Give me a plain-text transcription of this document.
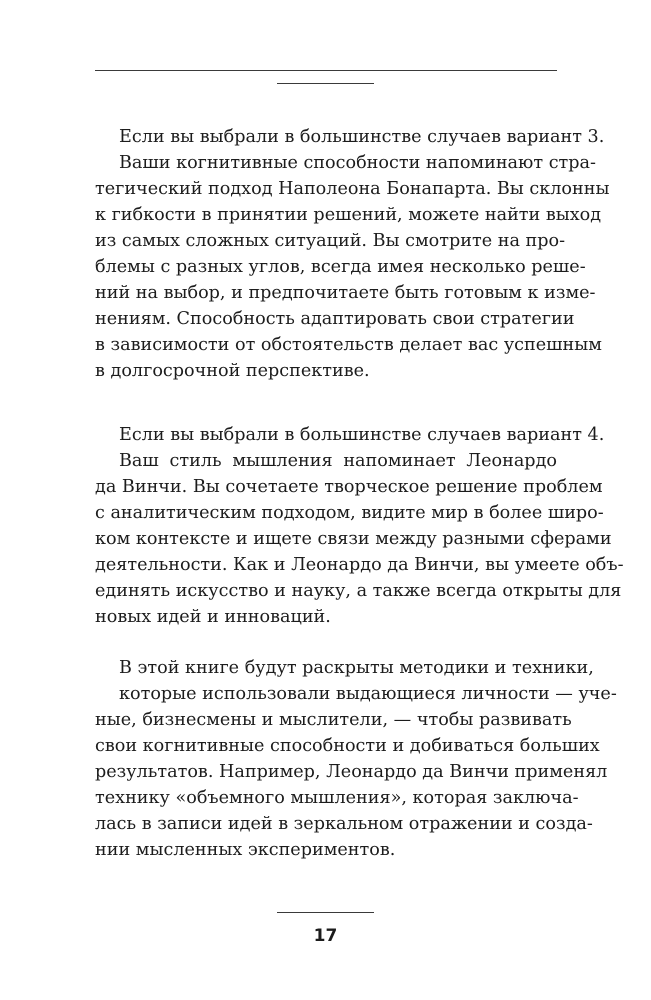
Если вы выбрали в большинстве случаев вариант 3.
Ваши когнитивные способности напоминают стра-
тегический подход Наполеона Бонапарта. Вы склонны
к гибкости в принятии решений, можете найти выход
из самых сложных ситуаций. Вы смотрите на про-
блемы с разных углов, всегда имея несколько реше-
ний на выбор, и предпочитаете быть готовым к изме-
нениям. Способность адаптировать свои стратегии
в зависимости от обстоятельств делает вас успешным
в долгосрочной перспективе.
Если вы выбрали в большинстве случаев вариант 4.
Ваш стиль мышления напоминает Леонардо
да Винчи. Вы сочетаете творческое решение проблем
с аналитическим подходом, видите мир в более широ-
ком контексте и ищете связи между разными сферами
деятельности. Как и Леонардо да Винчи, вы умеете объ-
единять искусство и науку, а также всегда открыты для
новых идей и инноваций.
В этой книге будут раскрыты методики и техники,
которые использовали выдающиеся личности — уче-
ные, бизнесмены и мыслители, — чтобы развивать
свои когнитивные способности и добиваться больших
результатов. Например, Леонардо да Винчи применял
технику «объемного мышления», которая заключа-
лась в записи идей в зеркальном отражении и созда-
нии мысленных экспериментов.
17
